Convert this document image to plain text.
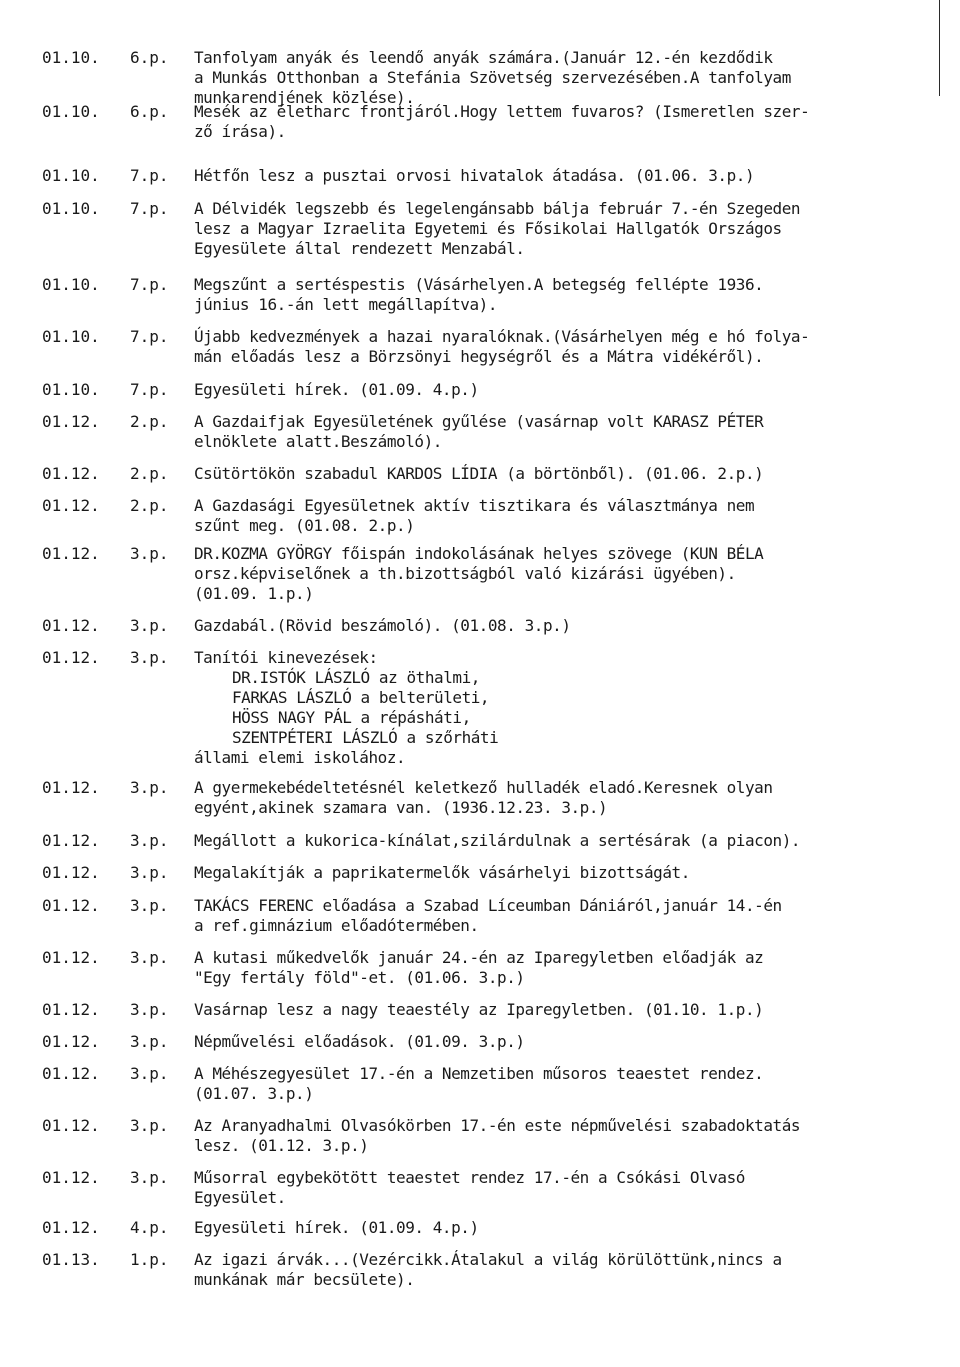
01.10.	6.p.	Tanfolyam anyák és leendő anyák számára.(Január 12.-én kezdődik
a Munkás Otthonban a Stefánia Szövetség szervezésében.A tanfolyam
munkarendjének közlése).
01.10.	6.p.	Mesék az életharc frontjáról.Hogy lettem fuvaros? (Ismeretlen szer-
ző írása).
01.10.	7.p.	Hétfőn lesz a pusztai orvosi hivatalok átadása. (01.06. 3.p.)
01.10.	7.p.	A Délvidék legszebb és legelengánsabb bálja február 7.-én Szegeden
lesz a Magyar Izraelita Egyetemi és Fősikolai Hallgatók Országos
Egyesülete által rendezett Menzabál.
01.10.	7.p.	Megszűnt a sertéspestis (Vásárhelyen.A betegség fellépte 1936.
június 16.-án lett megállapítva).
01.10.	7.p.	Újabb kedvezmények a hazai nyaralóknak.(Vásárhelyen még e hó folya-
mán előadás lesz a Börzsönyi hegységről és a Mátra vidékéről).
01.10.	7.p.	Egyesületi hírek. (01.09. 4.p.)
01.12.	2.p.	A Gazdaifjak Egyesületének gyűlése (vasárnap volt KARASZ PÉTER
elnöklete alatt.Beszámoló).
01.12.	2.p.	Csütörtökön szabadul KARDOS LÍDIA (a börtönből). (01.06. 2.p.)
01.12.	2.p.	A Gazdasági Egyesületnek aktív tisztikara és választmánya nem
szűnt meg. (01.08. 2.p.)
01.12.	3.p.	DR.KOZMA GYÖRGY főispán indokolásának helyes szövege (KUN BÉLA
orsz.képviselőnek a th.bizottságból való kizárási ügyében).
(01.09. 1.p.)
01.12.	3.p.	Gazdabál.(Rövid beszámoló). (01.08. 3.p.)
01.12.	3.p.	Tanítói kinevezések:
DR.ISTÓK LÁSZLÓ az öthalmi,
FARKAS LÁSZLÓ a belterületi,
HÖSS NAGY PÁL a répásháti,
SZENTPÉTERI LÁSZLÓ a szőrháti
állami elemi iskolához.
01.12.	3.p.	A gyermekebédeltetésnél keletkező hulladék eladó.Keresnek olyan
egyént,akinek szamara van. (1936.12.23. 3.p.)
01.12.	3.p.	Megállott a kukorica-kínálat,szilárdulnak a sertésárak (a piacon).
01.12.	3.p.	Megalakítják a paprikatermelők vásárhelyi bizottságát.
01.12.	3.p.	TAKÁCS FERENC előadása a Szabad Líceumban Dániáról,január 14.-én
a ref.gimnázium előadótermében.
01.12.	3.p.	A kutasi műkedvelők január 24.-én az Iparegyletben előadják az
"Egy fertály föld"-et. (01.06. 3.p.)
01.12.	3.p.	Vasárnap lesz a nagy teaestély az Iparegyletben. (01.10. 1.p.)
01.12.	3.p.	Népművelési előadások. (01.09. 3.p.)
01.12.	3.p.	A Méhészegyesület 17.-én a Nemzetiben műsoros teaestet rendez.
(01.07. 3.p.)
01.12.	3.p.	Az Aranyadhalmi Olvasókörben 17.-én este népművelési szabadoktatás
lesz. (01.12. 3.p.)
01.12.	3.p.	Műsorral egybekötött teaestet rendez 17.-én a Csókási Olvasó
Egyesület.
01.12.	4.p.	Egyesületi hírek. (01.09. 4.p.)
01.13.	1.p.	Az igazi árvák...(Vezércikk.Átalakul a világ körülöttünk,nincs a
munkának már becsülete).
